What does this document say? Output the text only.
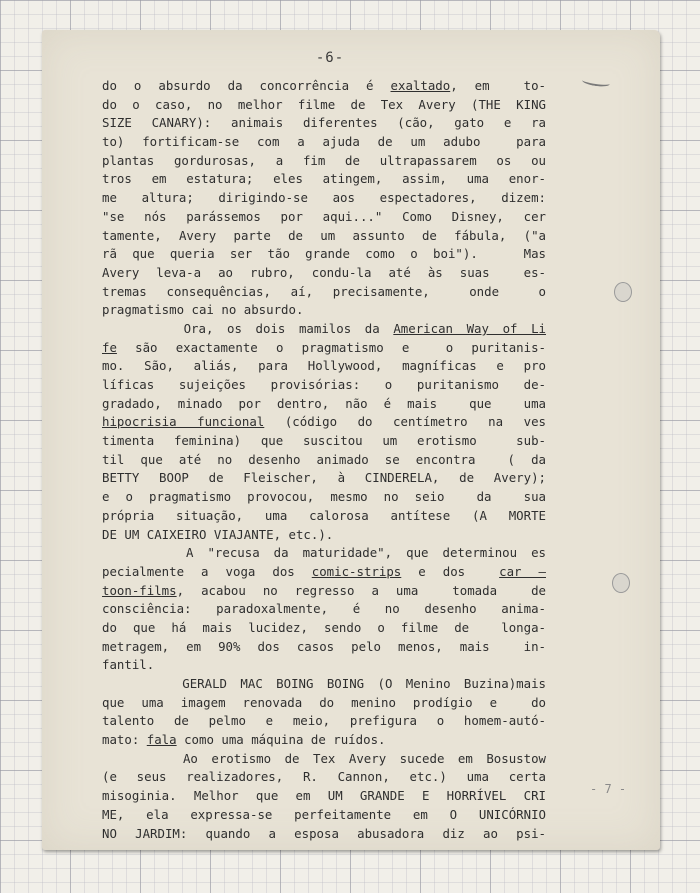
- 7 -
-6-
do o absurdo da concorrência é exaltado, em  to-
do o caso, no melhor filme de Tex Avery (THE KING
SIZE CANARY): animais diferentes (cão, gato e ra
to) fortificam-se com a ajuda de um adubo  para
plantas gordurosas, a fim de ultrapassarem os ou
tros em estatura; eles atingem, assim, uma enor-
me altura; dirigindo-se aos espectadores, dizem:
"se nós parássemos por aqui..." Como Disney, cer
tamente, Avery parte de um assunto de fábula, ("a
rã que queria ser tão grande como o boi").   Mas
Avery leva-a ao rubro, condu-la até às suas  es-
tremas consequências, aí, precisamente,  onde  o
pragmatismo cai no absurdo.
Ora, os dois mamilos da American Way of Li
fe são exactamente o pragmatismo e  o puritanis-
mo. São, aliás, para Hollywood, magníficas e pro
líficas sujeições provisórias: o puritanismo de-
gradado, minado por dentro, não é mais  que  uma
hipocrisia funcional (código do centímetro na ves
timenta feminina) que suscitou um erotismo  sub-
til que até no desenho animado se encontra  ( da
BETTY BOOP de Fleischer, à CINDERELA, de Avery);
e o pragmatismo provocou, mesmo no seio  da  sua
própria situação, uma calorosa antítese (A MORTE
DE UM CAIXEIRO VIAJANTE, etc.).
A "recusa da maturidade", que determinou es
pecialmente a voga dos comic-strips e dos  car —
toon-films, acabou no regresso a uma  tomada  de
consciência: paradoxalmente, é no desenho anima-
do que há mais lucidez, sendo o filme de  longa-
metragem, em 90% dos casos pelo menos, mais  in-
fantil.
GERALD MAC BOING BOING (O Menino Buzina)mais
que uma imagem renovada do menino prodígio e  do
talento de pelmo e meio, prefigura o homem-autó-
mato: fala como uma máquina de ruídos.
Ao erotismo de Tex Avery sucede em Bosustow
(e seus realizadores, R. Cannon, etc.) uma certa
misoginia. Melhor que em UM GRANDE E HORRÍVEL CRI
ME, ela expressa-se perfeitamente em O UNICÓRNIO
NO JARDIM: quando a esposa abusadora diz ao psi-
